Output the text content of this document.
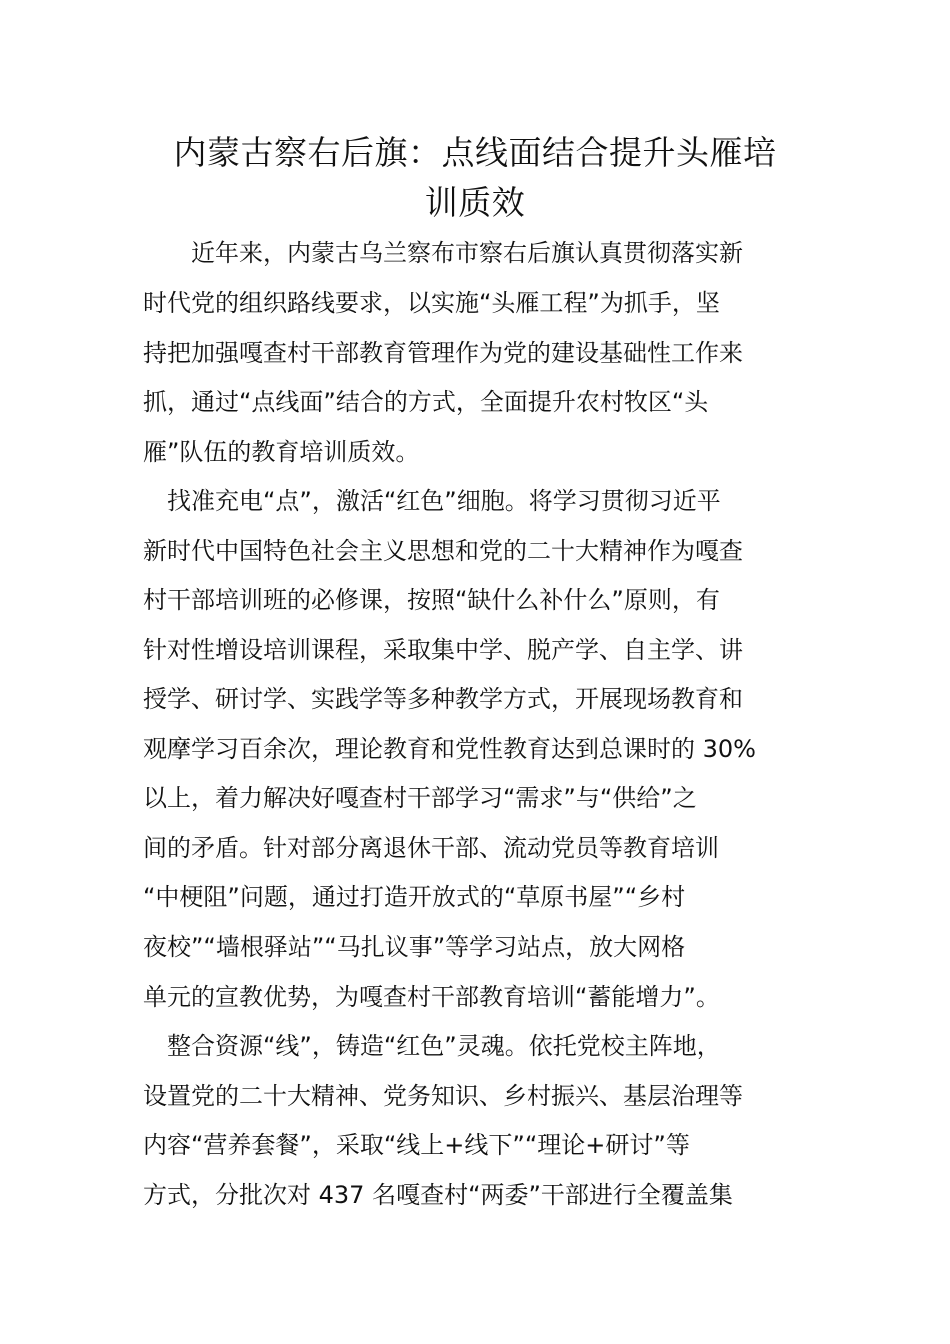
内蒙古察右后旗：点线面结合提升头雁培
训质效

　　近年来，内蒙古乌兰察布市察右后旗认真贯彻落实新

时代党的组织路线要求，以实施“头雁工程”为抓手，坚

持把加强嘎查村干部教育管理作为党的建设基础性工作来

抓，通过“点线面”结合的方式，全面提升农村牧区“头

雁”队伍的教育培训质效。

　找准充电“点”，激活“红色”细胞。将学习贯彻习近平

新时代中国特色社会主义思想和党的二十大精神作为嘎查

村干部培训班的必修课，按照“缺什么补什么”原则，有

针对性增设培训课程，采取集中学、脱产学、自主学、讲

授学、研讨学、实践学等多种教学方式，开展现场教育和

观摩学习百余次，理论教育和党性教育达到总课时的 30%

以上，着力解决好嘎查村干部学习“需求”与“供给”之

间的矛盾。针对部分离退休干部、流动党员等教育培训

“中梗阻”问题，通过打造开放式的“草原书屋”“乡村

夜校”“墙根驿站”“马扎议事”等学习站点，放大网格

单元的宣教优势，为嘎查村干部教育培训“蓄能增力”。

　整合资源“线”，铸造“红色”灵魂。依托党校主阵地，

设置党的二十大精神、党务知识、乡村振兴、基层治理等

内容“营养套餐”，采取“线上+线下”“理论+研讨”等

方式，分批次对 437 名嘎查村“两委”干部进行全覆盖集
